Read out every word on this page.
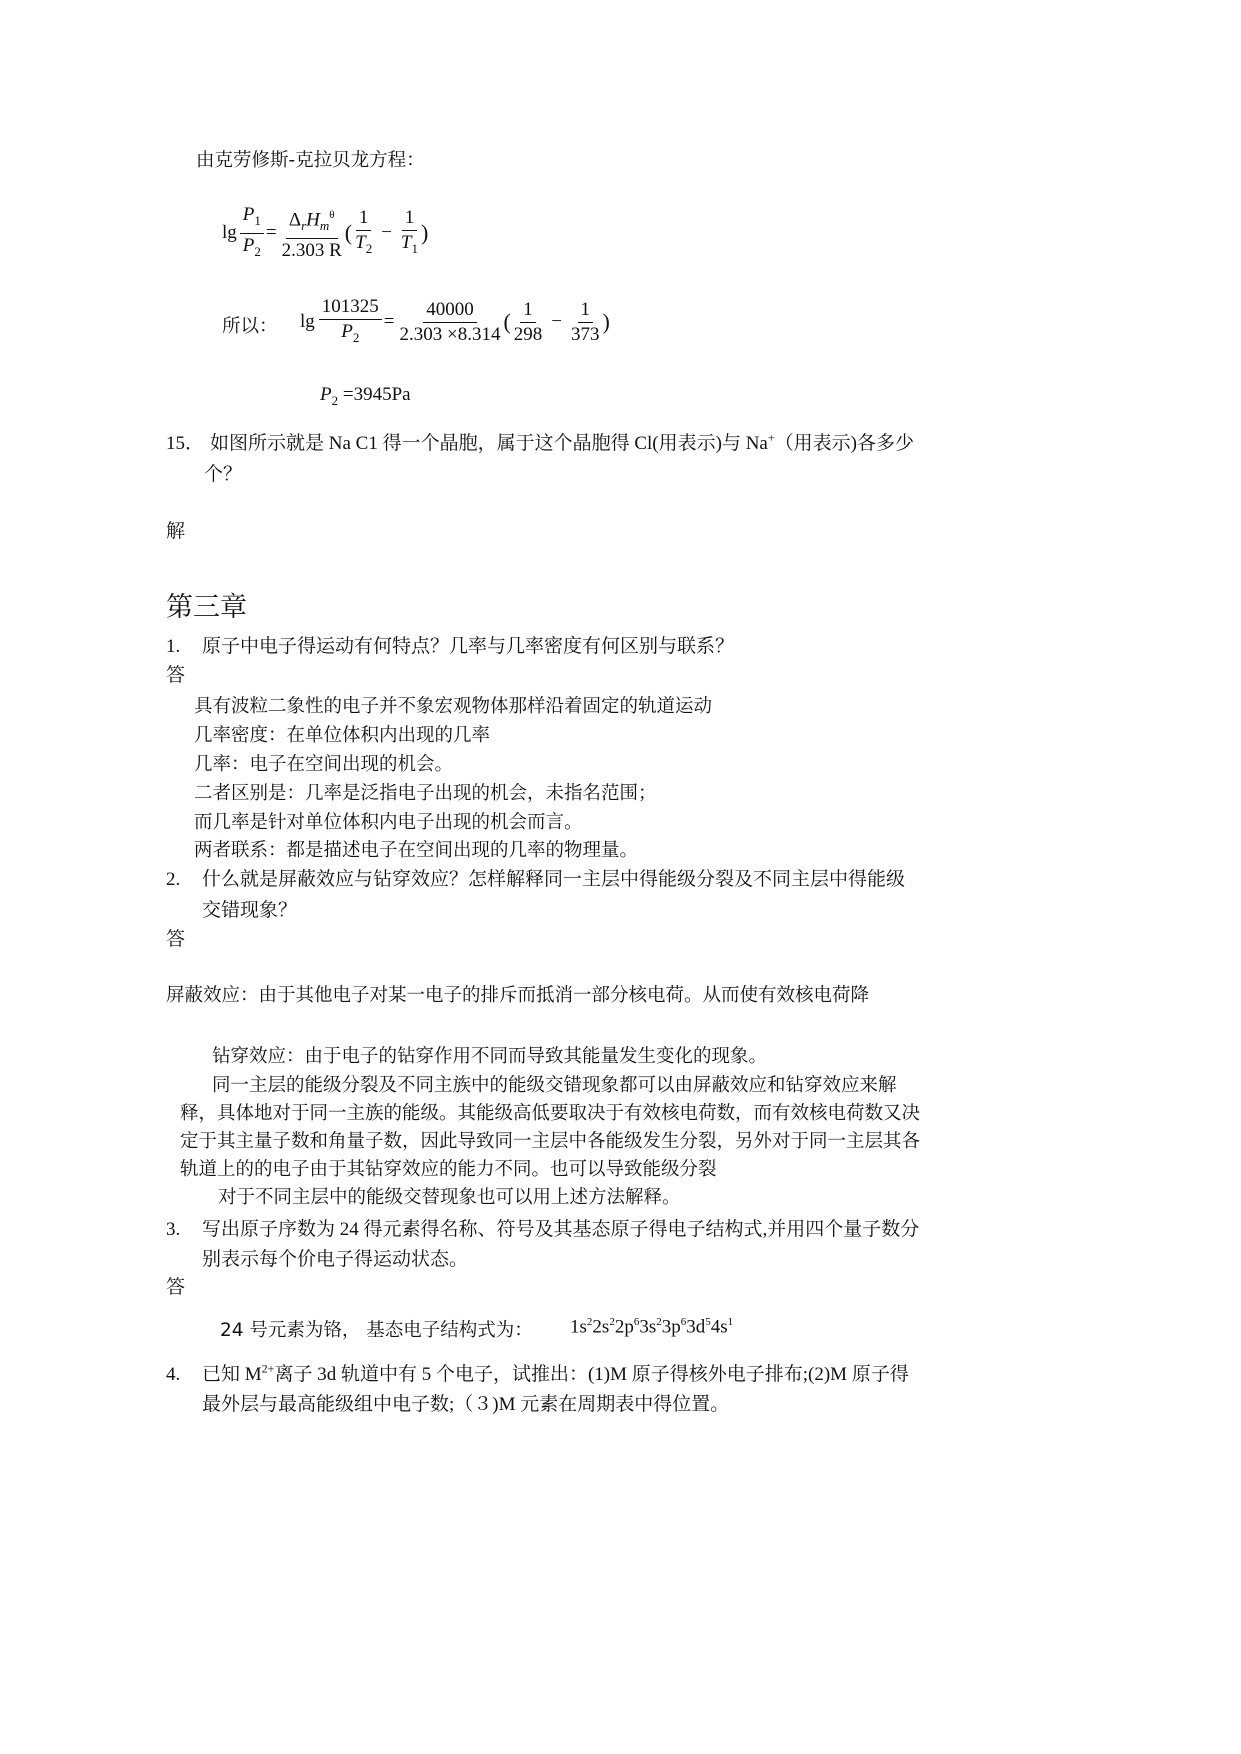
由克劳修斯-克拉贝龙方程：
$\lg \frac{P_1}{P_2} = \frac{\Delta_rH_m^\theta}{2.303 R}$ ( $\frac{1}{T_2} - \frac{1}{T_1}$ )
所以： $\lg \frac{101325}{P_2} = \frac{40000}{2.303 \times 8.314}$ ( $\frac{1}{298} - \frac{1}{373}$ )
$P_2 =3945Pa$
15． 如图所示就是 Na C1 得一个晶胞，属于这个晶胞得 Cl(用表示)与 Na+（用表示)各多少
个？
解
第三章
1. 原子中电子得运动有何特点？几率与几率密度有何区别与联系？
答
具有波粒二象性的电子并不象宏观物体那样沿着固定的轨道运动
几率密度：在单位体积内出现的几率
几率：电子在空间出现的机会。
二者区别是：几率是泛指电子出现的机会，未指名范围；
而几率是针对单位体积内电子出现的机会而言。
两者联系：都是描述电子在空间出现的几率的物理量。
2. 什么就是屏蔽效应与钻穿效应？怎样解释同一主层中得能级分裂及不同主层中得能级
交错现象？
答
屏蔽效应：由于其他电子对某一电子的排斥而抵消一部分核电荷。从而使有效核电荷降
钻穿效应：由于电子的钻穿作用不同而导致其能量发生变化的现象。
同一主层的能级分裂及不同主族中的能级交错现象都可以由屏蔽效应和钻穿效应来解
释，具体地对于同一主族的能级。其能级高低要取决于有效核电荷数，而有效核电荷数又决
定于其主量子数和角量子数，因此导致同一主层中各能级发生分裂，另外对于同一主层其各
轨道上的的电子由于其钻穿效应的能力不同。也可以导致能级分裂
对于不同主层中的能级交替现象也可以用上述方法解释。
3. 写出原子序数为 24 得元素得名称、符号及其基态原子得电子结构式,并用四个量子数分
别表示每个价电子得运动状态。
答
24 号元素为铬， 基态电子结构式为： $1s^22s^22p^63s^23p^63d^54s^1$
4. 已知 $M^{2+}$离子 3d 轨道中有 5 个电子，试推出：(1)M 原子得核外电子排布;(2)M 原子得
最外层与最高能级组中电子数;（３)M 元素在周期表中得位置。
